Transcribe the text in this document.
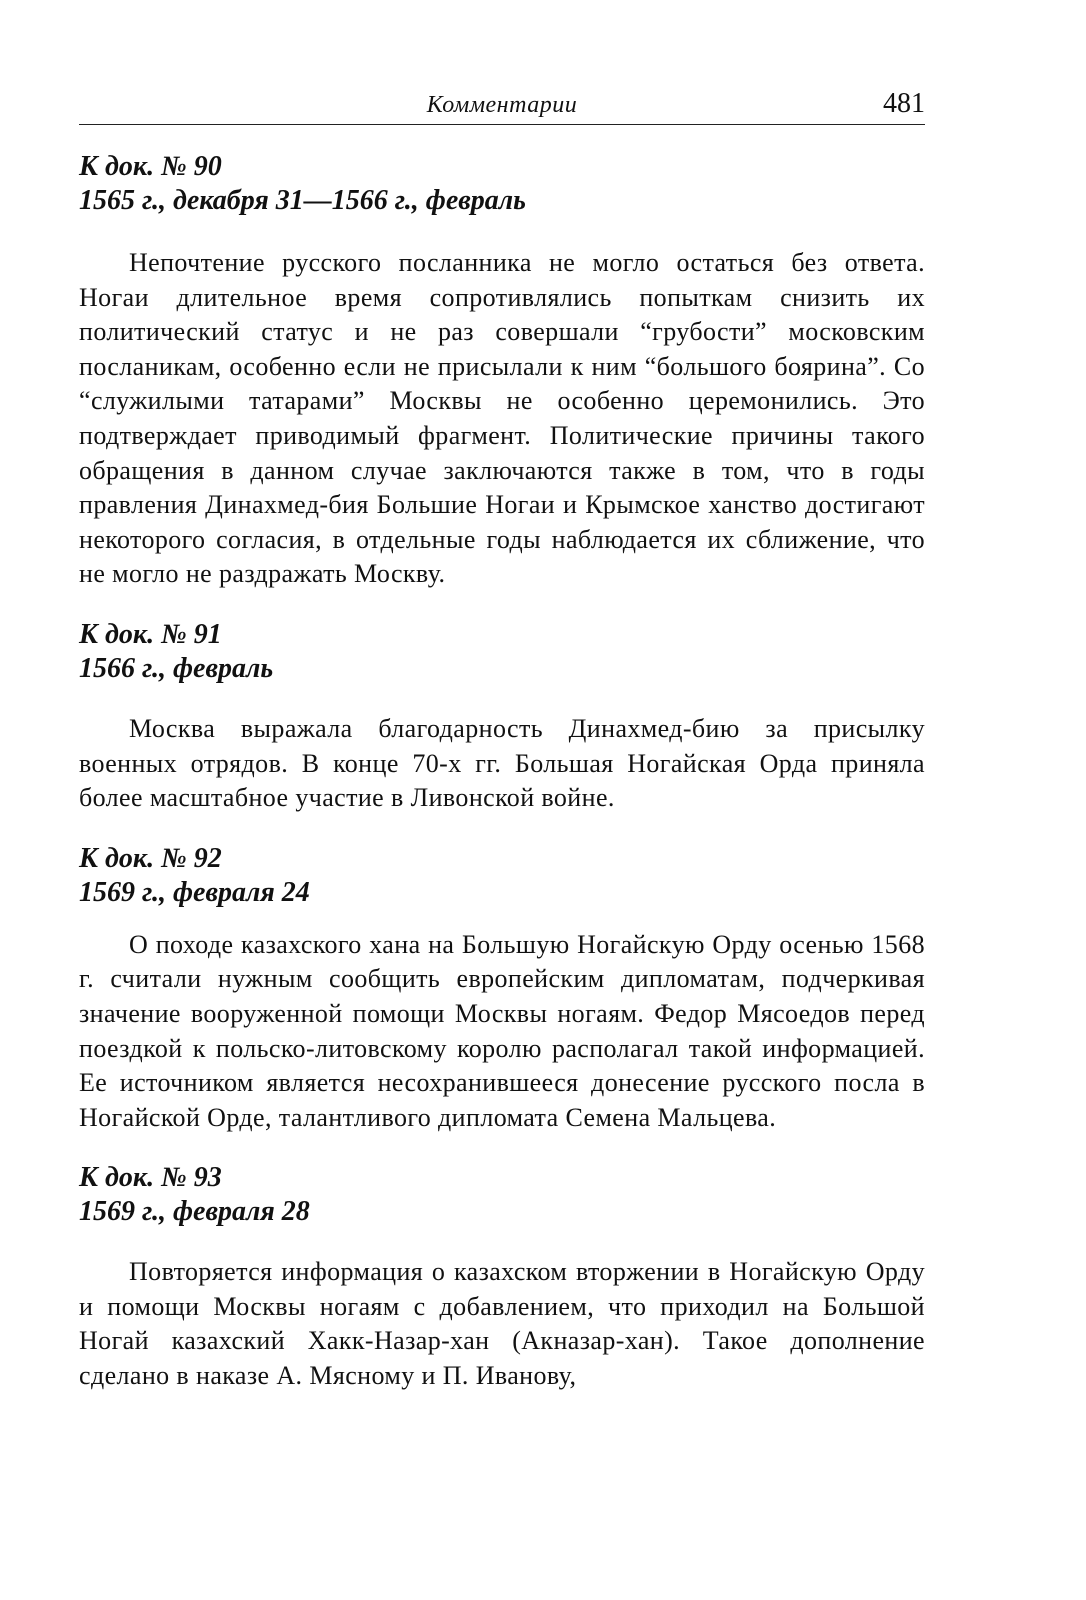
Комментарии	481
К док. № 90
1565 г., декабря 31—1566 г., февраль

Непочтение русского посланника не могло остаться без ответа. Ногаи длительное время сопротивлялись попыткам снизить их политический статус и не раз совершали “грубости” московским посланикам, особенно если не присылали к ним “большого боярина”. Со “служилыми татарами” Москвы не особенно церемонились. Это подтверждает приводимый фрагмент. Политические причины такого обращения в данном случае заключаются также в том, что в годы правления Динахмед-бия Большие Ногаи и Крымское ханство достигают некоторого согласия, в отдельные годы наблюдается их сближение, что не могло не раздражать Москву.

К док. № 91
1566 г., февраль

Москва выражала благодарность Динахмед-бию за присылку военных отрядов. В конце 70-х гг. Большая Ногайская Орда приняла более масштабное участие в Ливонской войне.

К док. № 92
1569 г., февраля 24

О походе казахского хана на Большую Ногайскую Орду осенью 1568 г. считали нужным сообщить европейским дипломатам, подчеркивая значение вооруженной помощи Москвы ногаям. Федор Мясоедов перед поездкой к польско-литовскому королю располагал такой информацией. Ее источником является несохранившееся донесение русского посла в Ногайской Орде, талантливого дипломата Семена Мальцева.

К док. № 93
1569 г., февраля 28

Повторяется информация о казахском вторжении в Ногайскую Орду и помощи Москвы ногаям с добавлением, что приходил на Большой Ногай казахский Хакк-Назар-хан (Акназар-хан). Такое дополнение сделано в наказе А. Мясному и П. Иванову,
